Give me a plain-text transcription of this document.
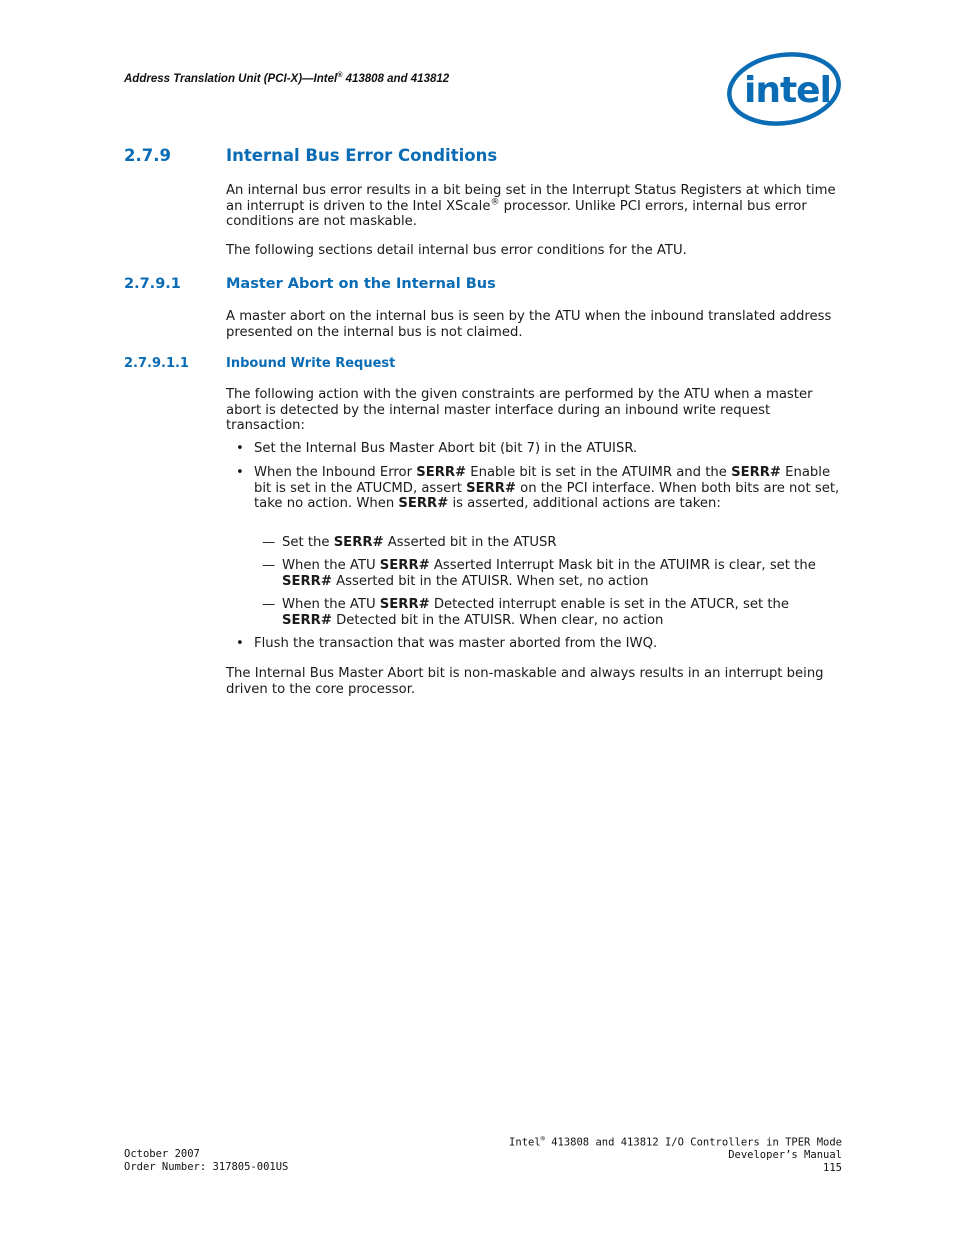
Address Translation Unit (PCI-X)—Intel® 413808 and 413812	intel
2.7.9	Internal Bus Error Conditions
An internal bus error results in a bit being set in the Interrupt Status Registers at which time an interrupt is driven to the Intel XScale® processor. Unlike PCI errors, internal bus error conditions are not maskable.
The following sections detail internal bus error conditions for the ATU.
2.7.9.1	Master Abort on the Internal Bus
A master abort on the internal bus is seen by the ATU when the inbound translated address presented on the internal bus is not claimed.
2.7.9.1.1	Inbound Write Request
The following action with the given constraints are performed by the ATU when a master abort is detected by the internal master interface during an inbound write request transaction:
• Set the Internal Bus Master Abort bit (bit 7) in the ATUISR.
• When the Inbound Error SERR# Enable bit is set in the ATUIMR and the SERR# Enable bit is set in the ATUCMD, assert SERR# on the PCI interface. When both bits are not set, take no action. When SERR# is asserted, additional actions are taken:
— Set the SERR# Asserted bit in the ATUSR
— When the ATU SERR# Asserted Interrupt Mask bit in the ATUIMR is clear, set the SERR# Asserted bit in the ATUISR. When set, no action
— When the ATU SERR# Detected interrupt enable is set in the ATUCR, set the SERR# Detected bit in the ATUISR. When clear, no action
• Flush the transaction that was master aborted from the IWQ.
The Internal Bus Master Abort bit is non-maskable and always results in an interrupt being driven to the core processor.
October 2007
Order Number: 317805-001US
Intel® 413808 and 413812 I/O Controllers in TPER Mode
Developer’s Manual
115
